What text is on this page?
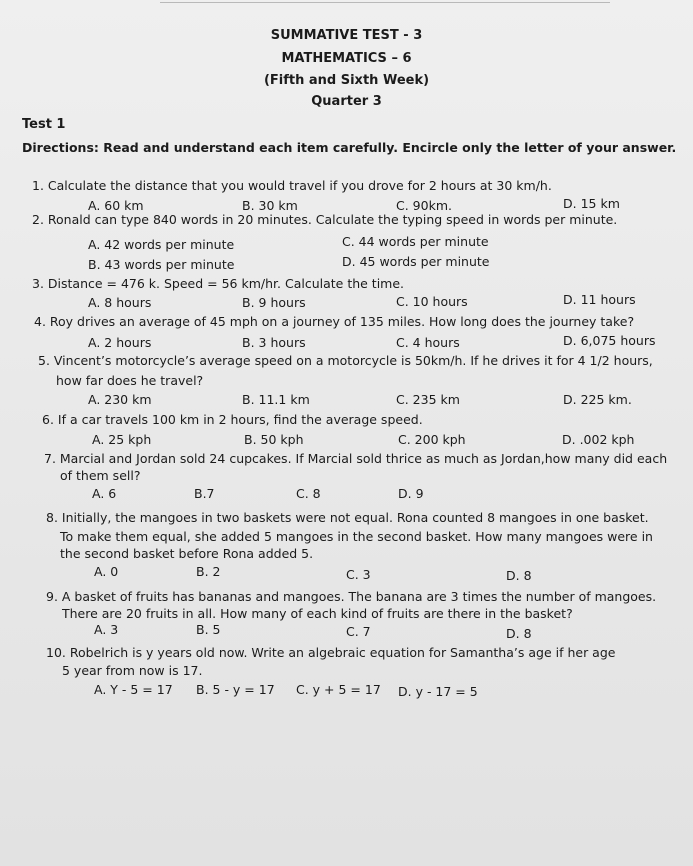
SUMMATIVE TEST - 3
MATHEMATICS – 6
(Fifth and Sixth Week)
Quarter 3
Test 1
Directions: Read and understand each item carefully. Encircle only the letter of your answer.
1. Calculate the distance that you would travel if you drove for 2 hours at 30 km/h.
A. 60 km	B. 30 km	C. 90km.	D. 15 km
2. Ronald can type 840 words in 20 minutes. Calculate the typing speed in words per minute.
A. 42 words per minute	C. 44 words per minute
B. 43 words per minute	D. 45 words per minute
3. Distance = 476 k. Speed = 56 km/hr. Calculate the time.
A. 8 hours	B. 9 hours	C. 10 hours	D. 11 hours
4. Roy drives an average of 45 mph on a journey of 135 miles. How long does the journey take?
A. 2 hours	B. 3 hours	C. 4 hours	D. 6,075 hours
5. Vincent’s motorcycle’s average speed on a motorcycle is 50km/h. If he drives it for 4 1/2 hours,
how far does he travel?
A. 230 km	B. 11.1 km	C. 235 km	D. 225 km.
6. If a car travels 100 km in 2 hours, find the average speed.
A. 25 kph	B. 50 kph	C. 200 kph	D. .002 kph
7. Marcial and Jordan sold 24 cupcakes. If Marcial sold thrice as much as Jordan,how many did each
of them sell?
A. 6	B.7	C. 8	D. 9
8. Initially, the mangoes in two baskets were not equal. Rona counted 8 mangoes in one basket.
To make them equal, she added 5 mangoes in the second basket. How many mangoes were in
the second basket before Rona added 5.
A. 0	B. 2	C. 3	D. 8
9. A basket of fruits has bananas and mangoes. The banana are 3 times the number of mangoes.
There are 20 fruits in all. How many of each kind of fruits are there in the basket?
A. 3	B. 5	C. 7	D. 8
10. Robelrich is y years old now. Write an algebraic equation for Samantha’s age if her age
5 year from now is 17.
A. Y - 5 = 17 B. 5 - y = 17 C. y + 5 = 17 D. y - 17 = 5
